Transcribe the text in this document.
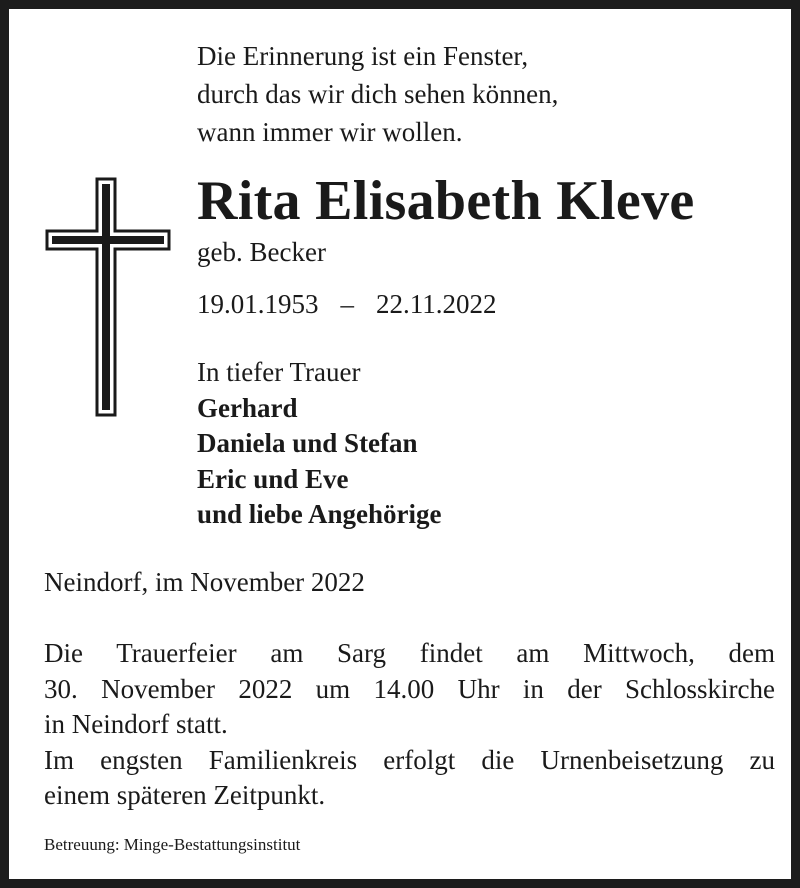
Die Erinnerung ist ein Fenster,
durch das wir dich sehen können,
wann immer wir wollen.
Rita Elisabeth Kleve
geb. Becker
19.01.1953 – 22.11.2022
In tiefer Trauer
Gerhard
Daniela und Stefan
Eric und Eve
und liebe Angehörige
Neindorf, im November 2022
Die Trauerfeier am Sarg findet am Mittwoch, dem
30. November 2022 um 14.00 Uhr in der Schlosskirche
in Neindorf statt.
Im engsten Familienkreis erfolgt die Urnenbeisetzung zu
einem späteren Zeitpunkt.
Betreuung: Minge-Bestattungsinstitut
